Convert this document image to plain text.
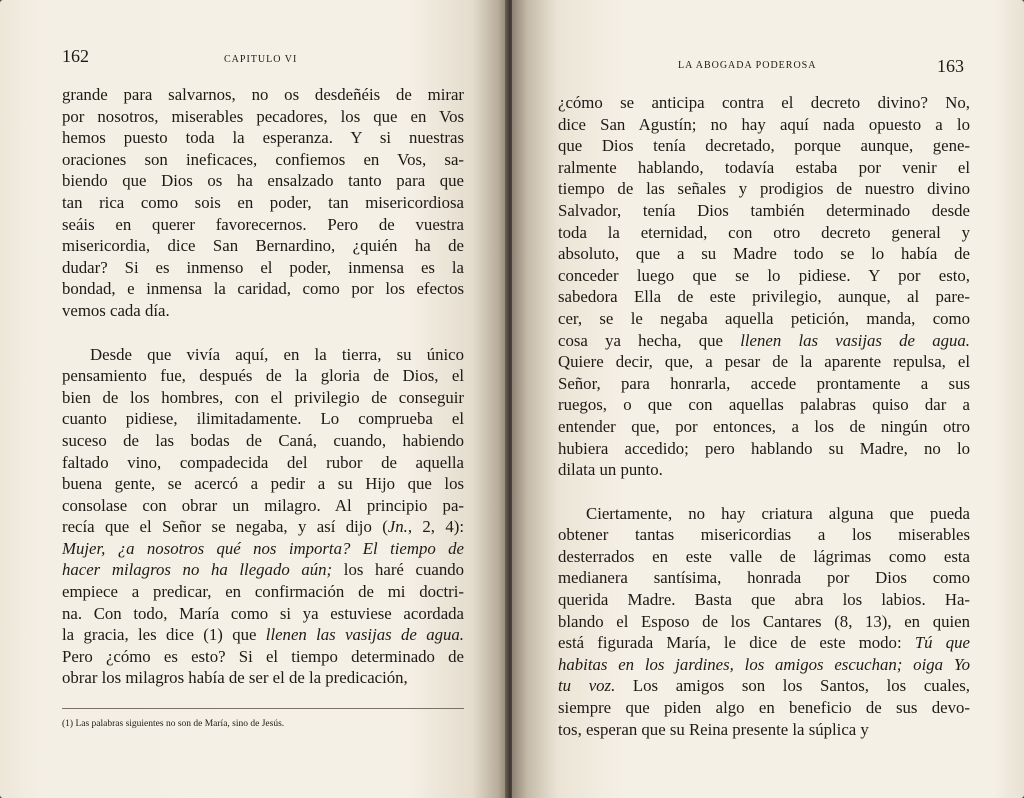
162	CAPITULO VI
grande para salvarnos, no os desdeñéis de mirar
por nosotros, miserables pecadores, los que en Vos
hemos puesto toda la esperanza. Y si nuestras
oraciones son ineficaces, confiemos en Vos, sa-
biendo que Dios os ha ensalzado tanto para que
tan rica como sois en poder, tan misericordiosa
seáis en querer favorecernos. Pero de vuestra
misericordia, dice San Bernardino, ¿quién ha de
dudar? Si es inmenso el poder, inmensa es la
bondad, e inmensa la caridad, como por los efectos
vemos cada día.
Desde que vivía aquí, en la tierra, su único
pensamiento fue, después de la gloria de Dios, el
bien de los hombres, con el privilegio de conseguir
cuanto pidiese, ilimitadamente. Lo comprueba el
suceso de las bodas de Caná, cuando, habiendo
faltado vino, compadecida del rubor de aquella
buena gente, se acercó a pedir a su Hijo que los
consolase con obrar un milagro. Al principio pa-
recía que el Señor se negaba, y así dijo (Jn., 2, 4):
Mujer, ¿a nosotros qué nos importa? El tiempo de
hacer milagros no ha llegado aún; los haré cuando
empiece a predicar, en confirmación de mi doctri-
na. Con todo, María como si ya estuviese acordada
la gracia, les dice (1) que llenen las vasijas de agua.
Pero ¿cómo es esto? Si el tiempo determinado de
obrar los milagros había de ser el de la predicación,
(1) Las palabras siguientes no son de María, sino de Jesús.
LA ABOGADA PODEROSA	163
¿cómo se anticipa contra el decreto divino? No,
dice San Agustín; no hay aquí nada opuesto a lo
que Dios tenía decretado, porque aunque, gene-
ralmente hablando, todavía estaba por venir el
tiempo de las señales y prodigios de nuestro divino
Salvador, tenía Dios también determinado desde
toda la eternidad, con otro decreto general y
absoluto, que a su Madre todo se lo había de
conceder luego que se lo pidiese. Y por esto,
sabedora Ella de este privilegio, aunque, al pare-
cer, se le negaba aquella petición, manda, como
cosa ya hecha, que llenen las vasijas de agua.
Quiere decir, que, a pesar de la aparente repulsa, el
Señor, para honrarla, accede prontamente a sus
ruegos, o que con aquellas palabras quiso dar a
entender que, por entonces, a los de ningún otro
hubiera accedido; pero hablando su Madre, no lo
dilata un punto.
Ciertamente, no hay criatura alguna que pueda
obtener tantas misericordias a los miserables
desterrados en este valle de lágrimas como esta
medianera santísima, honrada por Dios como
querida Madre. Basta que abra los labios. Ha-
blando el Esposo de los Cantares (8, 13), en quien
está figurada María, le dice de este modo: Tú que
habitas en los jardines, los amigos escuchan; oiga Yo
tu voz. Los amigos son los Santos, los cuales,
siempre que piden algo en beneficio de sus devo-
tos, esperan que su Reina presente la súplica y
